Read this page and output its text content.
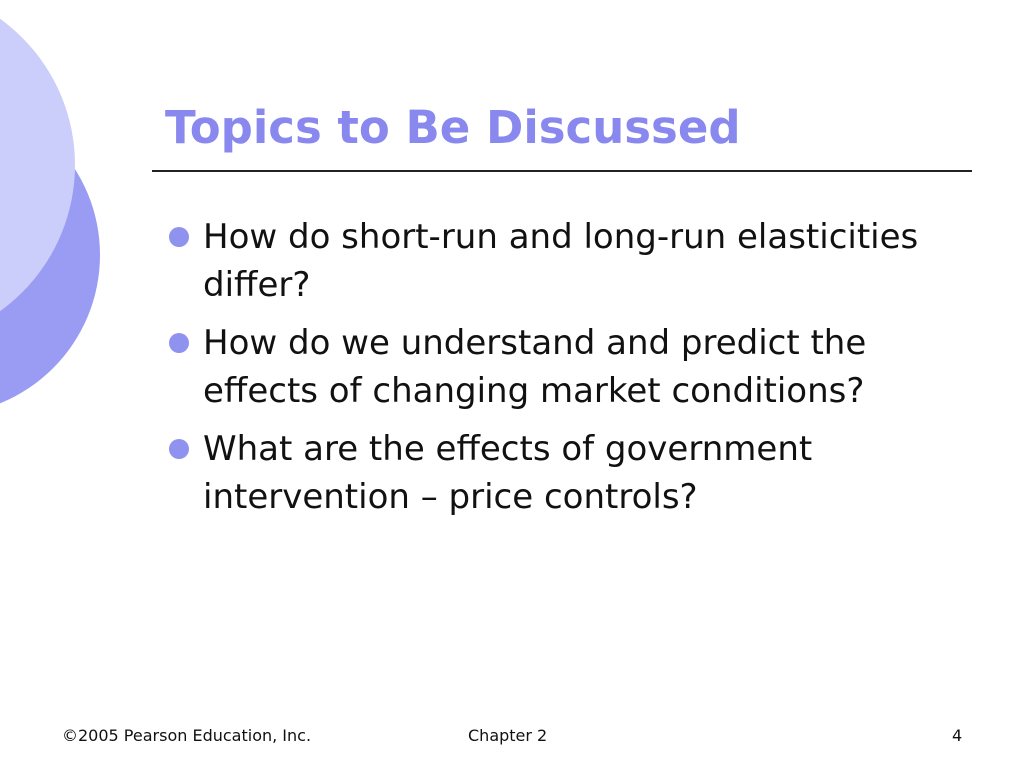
Topics to Be Discussed
How do short-run and long-run elasticities differ?
How do we understand and predict the effects of changing market conditions?
What are the effects of government intervention – price controls?
©2005 Pearson Education, Inc.	Chapter 2	4
